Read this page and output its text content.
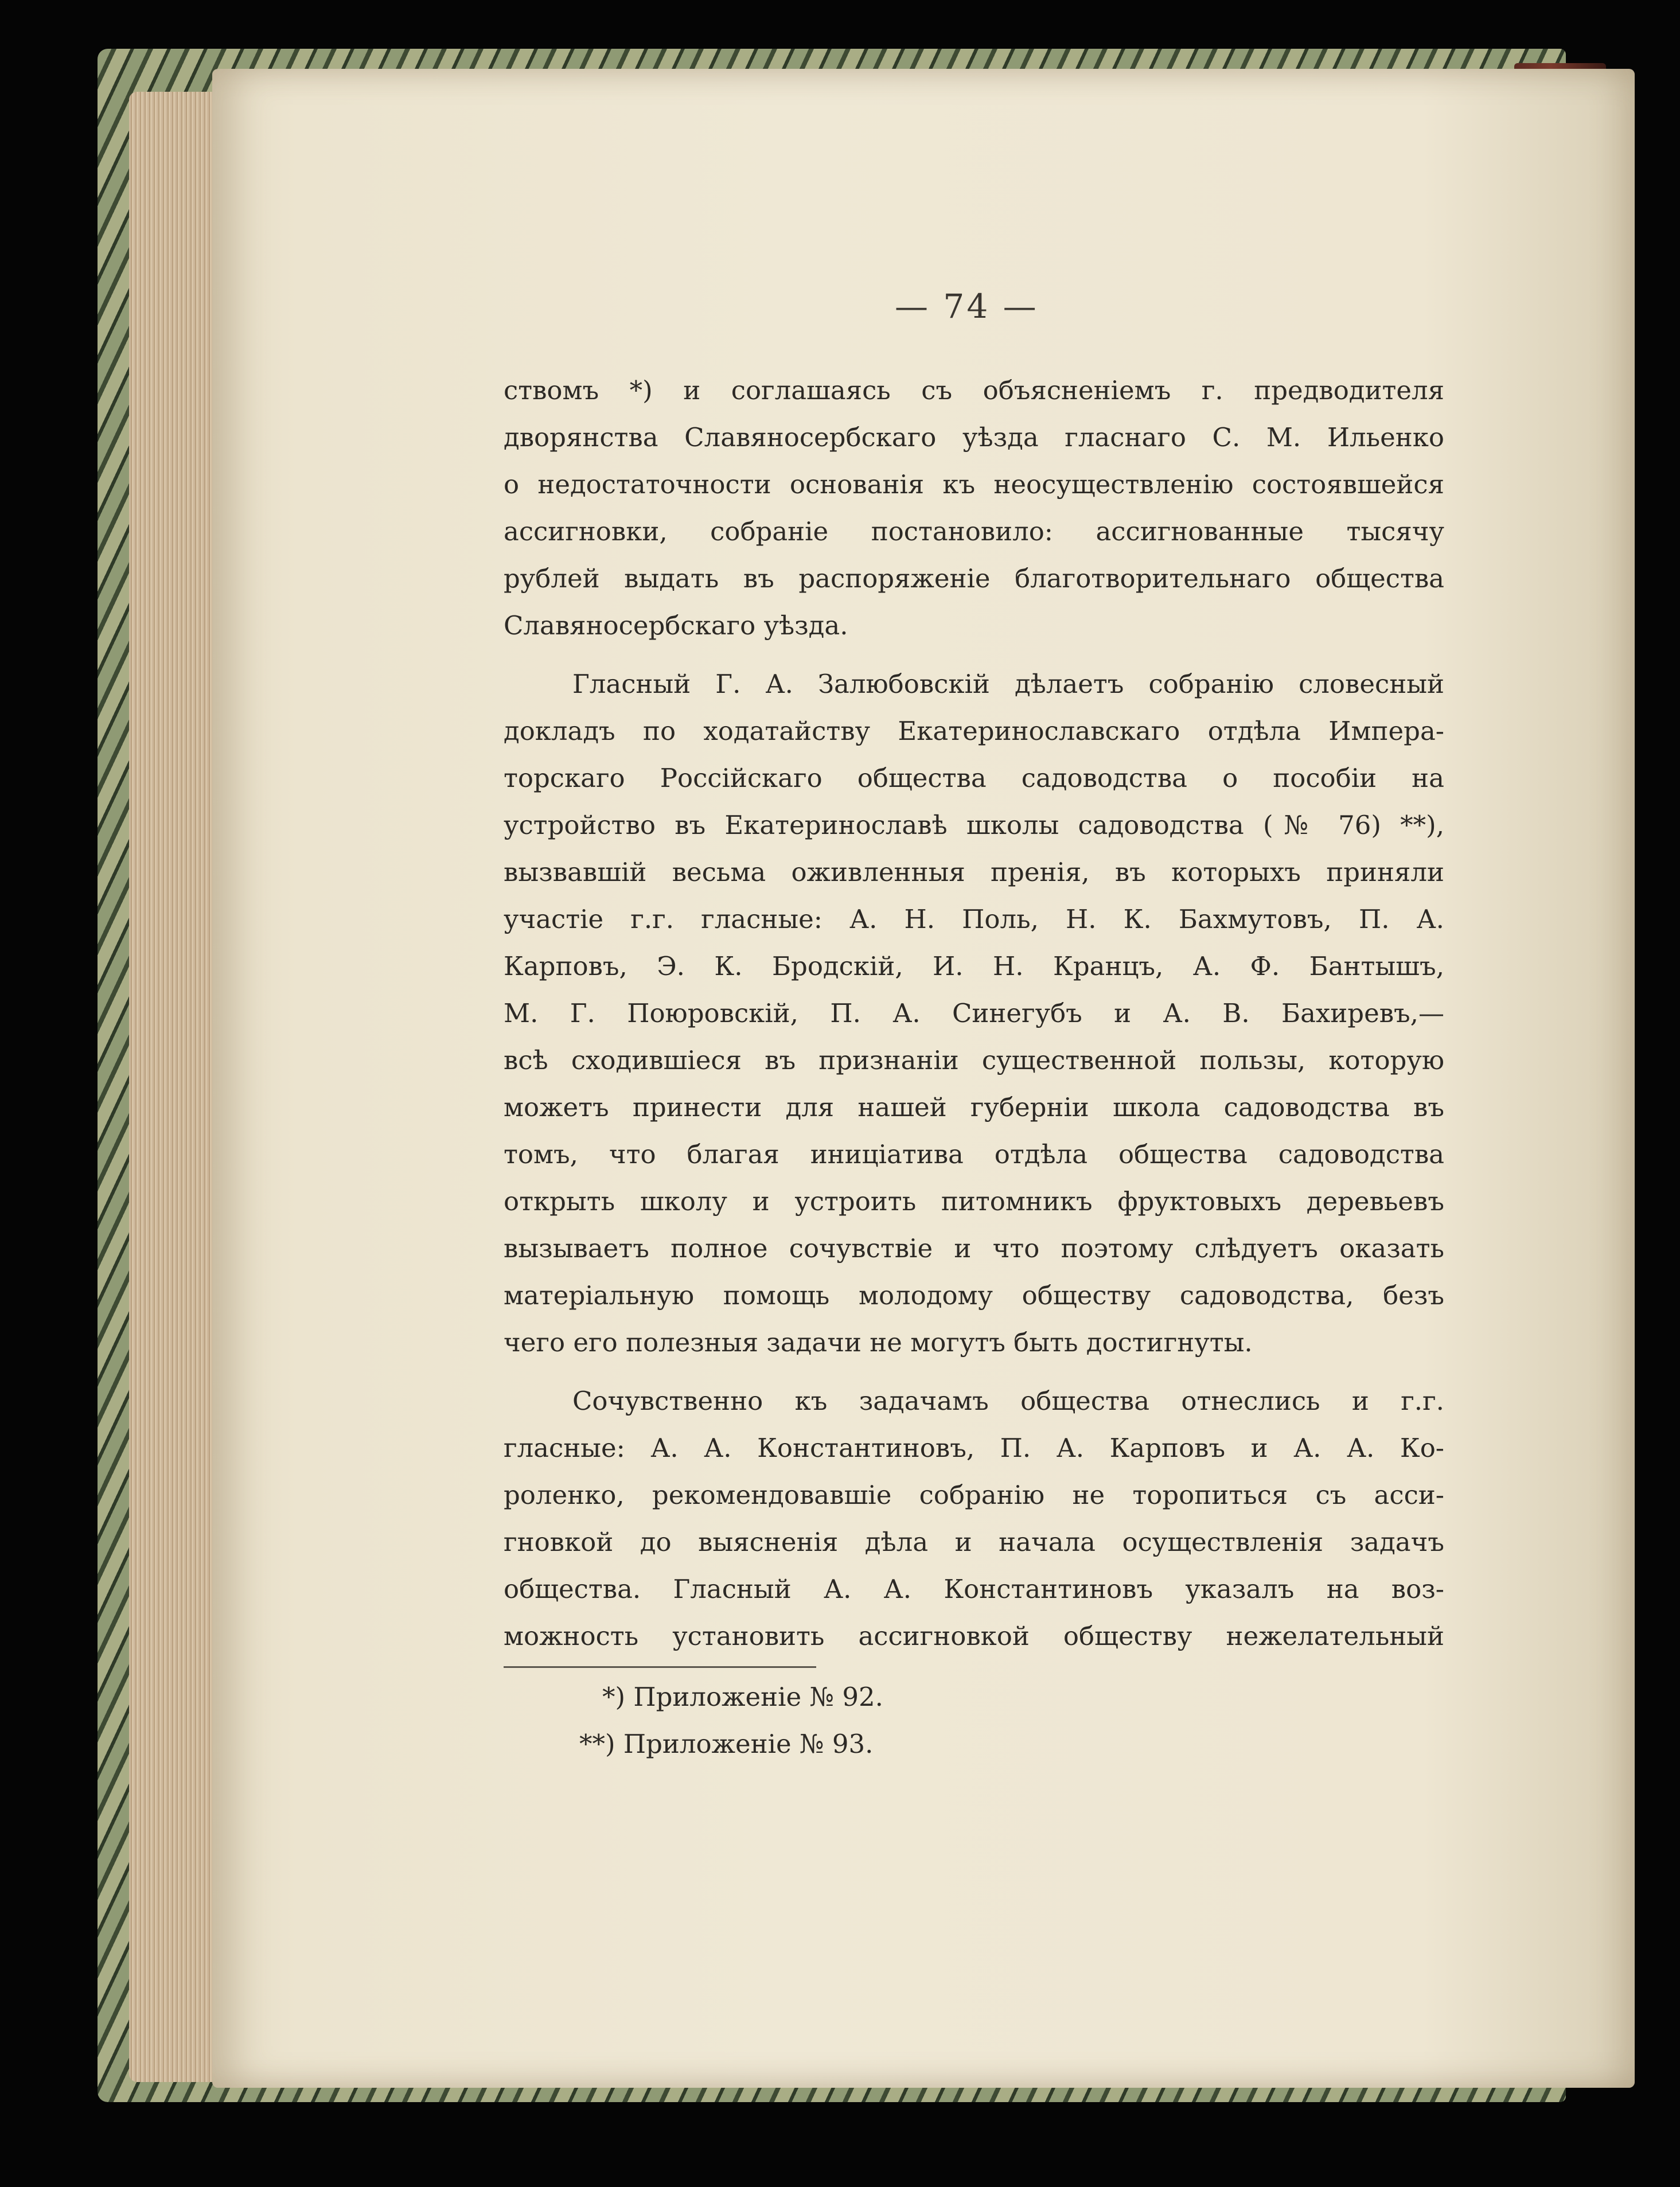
— 74 —
ствомъ *) и соглашаясь съ объясненіемъ г. предводителя
дворянства Славяносербскаго уѣзда гласнаго С. М. Ильенко
о недостаточности основанія къ неосуществленію состоявшейся
ассигновки, собраніе постановило: ассигнованные тысячу
рублей выдать въ распоряженіе благотворительнаго общества
Славяносербскаго уѣзда.
Гласный Г. А. Залюбовскій дѣлаетъ собранію словесный
докладъ по ходатайству Екатеринославскаго отдѣла Импера-
торскаго Россійскаго общества садоводства о пособіи на
устройство въ Екатеринославѣ школы садоводства (№ 76) **),
вызвавшій весьма оживленныя пренія, въ которыхъ приняли
участіе г.г. гласные: А. Н. Поль, Н. К. Бахмутовъ, П. А.
Карповъ, Э. К. Бродскій, И. Н. Кранцъ, А. Ф. Бантышъ,
М. Г. Поюровскій, П. А. Синегубъ и А. В. Бахиревъ,—
всѣ сходившіеся въ признаніи существенной пользы, которую
можетъ принести для нашей губерніи школа садоводства въ
томъ, что благая иниціатива отдѣла общества садоводства
открыть школу и устроить питомникъ фруктовыхъ деревьевъ
вызываетъ полное сочувствіе и что поэтому слѣдуетъ оказать
матеріальную помощь молодому обществу садоводства, безъ
чего его полезныя задачи не могутъ быть достигнуты.
Сочувственно къ задачамъ общества отнеслись и г.г.
гласные: А. А. Константиновъ, П. А. Карповъ и А. А. Ко-
роленко, рекомендовавшіе собранію не торопиться съ асси-
гновкой до выясненія дѣла и начала осуществленія задачъ
общества. Гласный А. А. Константиновъ указалъ на воз-
можность установить ассигновкой обществу нежелательный
*) Приложеніе № 92.
**) Приложеніе № 93.
